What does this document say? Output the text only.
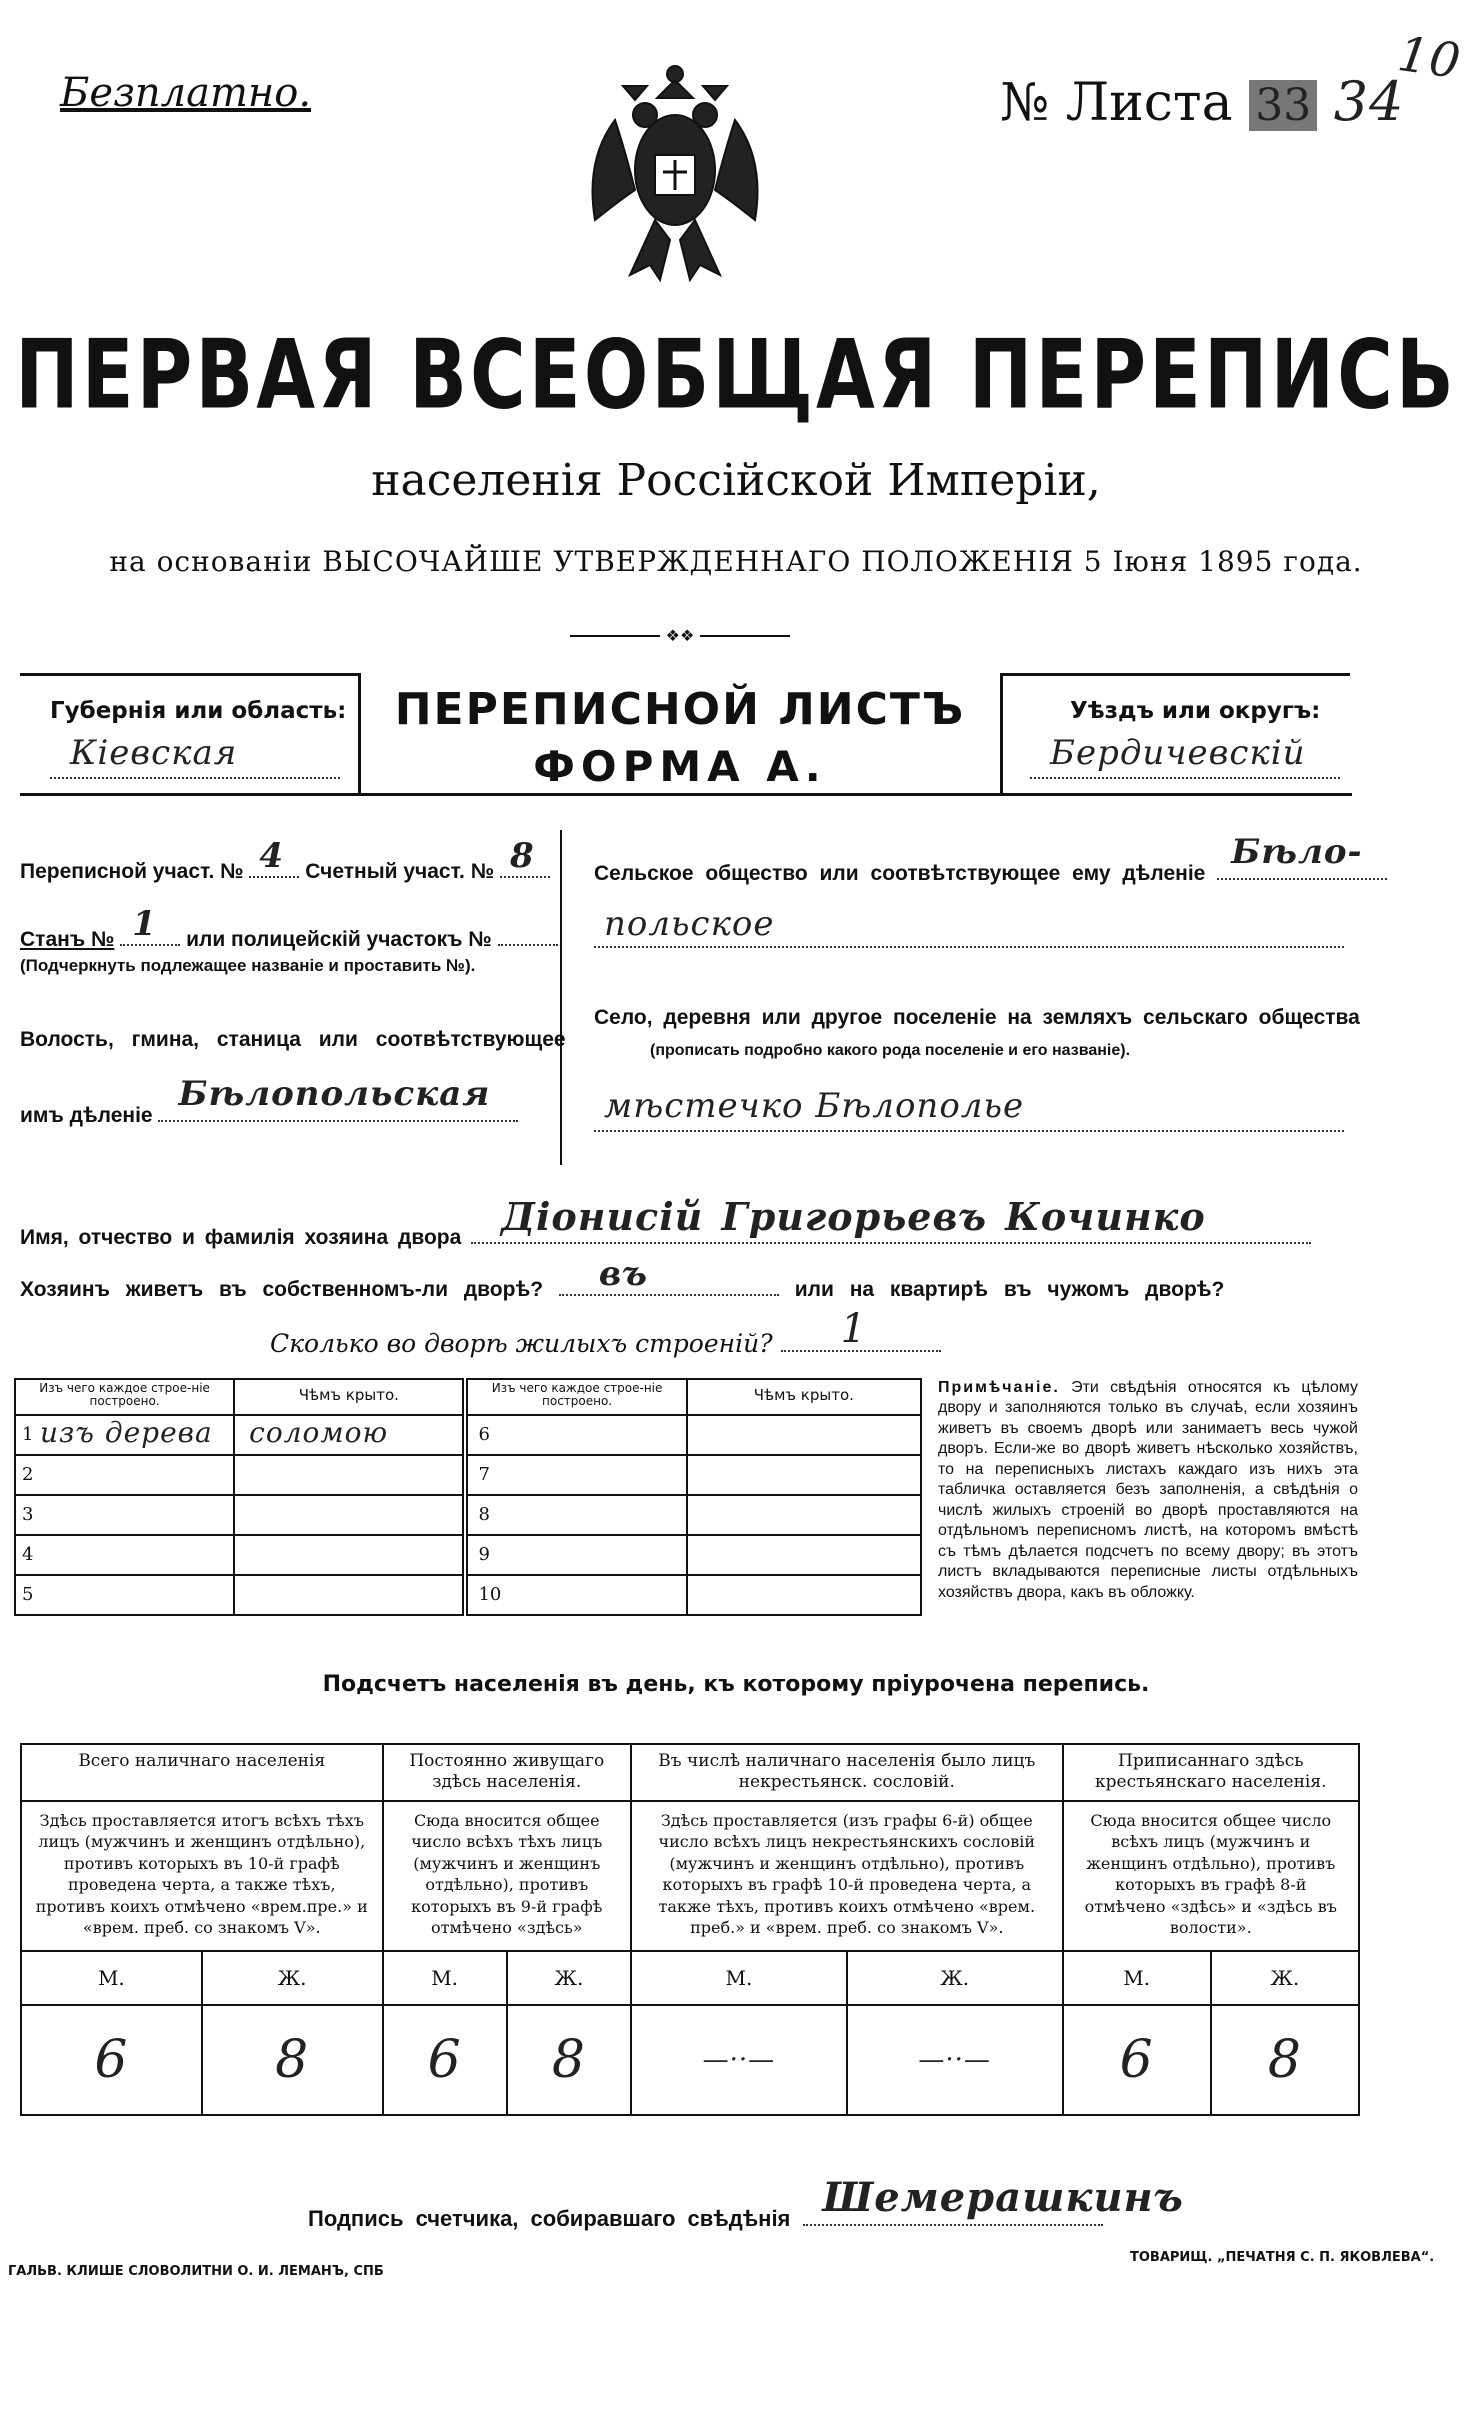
Безплатно.	№ Листа 33 34
10
ПЕРВАЯ ВСЕОБЩАЯ ПЕРЕПИСЬ
населенія Россійской Имперіи,
на основаніи ВЫСОЧАЙШЕ УТВЕРЖДЕННАГО ПОЛОЖЕНІЯ 5 Іюня 1895 года.
❖❖
Губернія или область:
Кіевская
ПЕРЕПИСНОЙ ЛИСТЪ
ФОРМА А.
Уѣздъ или округъ:
Бердичевскій
Переписной участ. № 4 Счетный участ. № 8
Станъ № 1 или полицейскій участокъ №
(Подчеркнуть подлежащее названіе и проставить №).
Волость, гмина, станица или соотвѣтствующее
имъ дѣленіе
Бѣлопольская
Сельское общество или соотвѣтствующее ему дѣленіе
Бѣло-
польское
Село, деревня или другое поселеніе на земляхъ сельскаго общества
(прописать подробно какого рода поселеніе и его названіе).
мѣстечко Бѣлополье
Имя, отчество и фамилія хозяина двора Діонисій Григорьевъ Кочинко
Хозяинъ живетъ въ собственномъ-ли дворѣ? въ	или на квартирѣ въ чужомъ дворѣ?
Сколько во дворѣ жилыхъ строеній? 1
Изъ чего каждое строе-ніе построено.	Чѣмъ крыто.	Изъ чего каждое строе-ніе построено.	Чѣмъ крыто.

1 изъ дерева	соломою	6	

2		7	

3		8	

4		9	

5		10	

Примѣчаніе. Эти свѣдѣнія относятся къ цѣлому двору и заполняются только въ случаѣ, если хозяинъ живетъ въ своемъ дворѣ или занимаетъ весь чужой дворъ. Если-же во дворѣ живетъ нѣсколько хозяйствъ, то на переписныхъ листахъ каждаго изъ нихъ эта табличка оставляется безъ заполненія, а свѣдѣнія о числѣ жилыхъ строеній во дворѣ проставляются на отдѣльномъ переписномъ листѣ, на которомъ вмѣстѣ съ тѣмъ дѣлается подсчетъ по всему двору; въ этотъ листъ вкладываются переписные листы отдѣльныхъ хозяйствъ двора, какъ въ обложку.
Подсчетъ населенія въ день, къ которому пріурочена перепись.
Всего наличнаго населенія		Постоянно живущаго здѣсь населенія.		Въ числѣ наличнаго населенія было лицъ некрестьянск. сословій.		Приписаннаго здѣсь крестьянскаго населенія.	

Здѣсь проставляется итогъ всѣхъ тѣхъ лицъ (мужчинъ и женщинъ отдѣльно), противъ которыхъ въ 10-й графѣ проведена черта, а также тѣхъ, противъ коихъ отмѣчено «врем.пре.» и «врем. преб. со знакомъ V».		Сюда вносится общее число всѣхъ тѣхъ лицъ (мужчинъ и женщинъ отдѣльно), противъ которыхъ въ 9-й графѣ отмѣчено «здѣсь»		Здѣсь проставляется (изъ графы 6-й) общее число всѣхъ лицъ некрестьянскихъ сословій (мужчинъ и женщинъ отдѣльно), противъ которыхъ въ графѣ 10-й проведена черта, а также тѣхъ, противъ коихъ отмѣчено «врем. преб.» и «врем. преб. со знакомъ V».		Сюда вносится общее число всѣхъ лицъ (мужчинъ и женщинъ отдѣльно), противъ которыхъ въ графѣ 8-й отмѣчено «здѣсь» и «здѣсь въ волости».	

М.	Ж.	М.	Ж.	М.	Ж.	М.	Ж.
6	8	6	8	—··—	—··—	6	8
Подпись счетчика, собиравшаго свѣдѣнія Шемерашкинъ
ГАЛЬВ. КЛИШЕ СЛОВОЛИТНИ О. И. ЛЕМАНЪ, СПБ
ТОВАРИЩ. „ПЕЧАТНЯ С. П. ЯКОВЛЕВА“.
